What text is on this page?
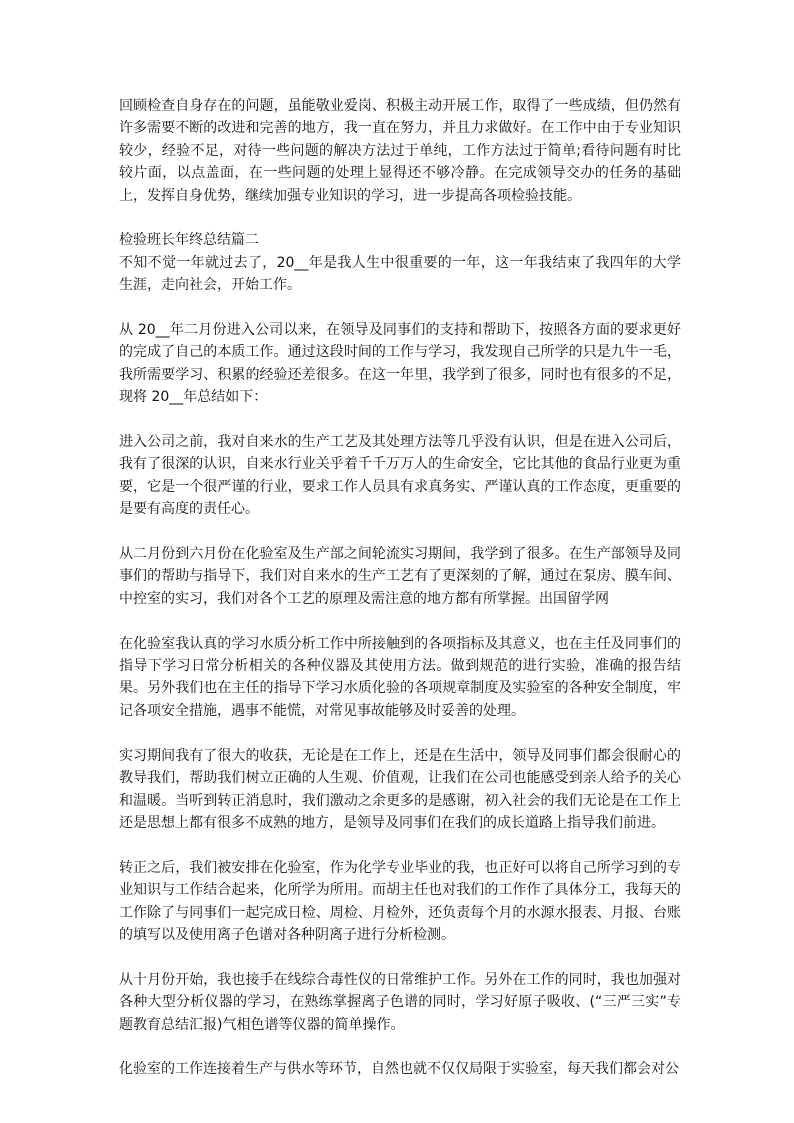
回顾检查自身存在的问题，虽能敬业爱岗、积极主动开展工作，取得了一些成绩，但仍然有许多需要不断的改进和完善的地方，我一直在努力，并且力求做好。在工作中由于专业知识较少，经验不足，对待一些问题的解决方法过于单纯，工作方法过于简单;看待问题有时比较片面，以点盖面，在一些问题的处理上显得还不够冷静。在完成领导交办的任务的基础上，发挥自身优势，继续加强专业知识的学习，进一步提高各项检验技能。

检验班长年终总结篇二

不知不觉一年就过去了，20__年是我人生中很重要的一年，这一年我结束了我四年的大学生涯，走向社会，开始工作。

从 20__年二月份进入公司以来，在领导及同事们的支持和帮助下，按照各方面的要求更好的完成了自己的本质工作。通过这段时间的工作与学习，我发现自己所学的只是九牛一毛，我所需要学习、积累的经验还差很多。在这一年里，我学到了很多，同时也有很多的不足，现将 20__年总结如下：

进入公司之前，我对自来水的生产工艺及其处理方法等几乎没有认识，但是在进入公司后，我有了很深的认识，自来水行业关乎着千千万万人的生命安全，它比其他的食品行业更为重要，它是一个很严谨的行业，要求工作人员具有求真务实、严谨认真的工作态度，更重要的是要有高度的责任心。

从二月份到六月份在化验室及生产部之间轮流实习期间，我学到了很多。在生产部领导及同事们的帮助与指导下，我们对自来水的生产工艺有了更深刻的了解，通过在泵房、膜车间、中控室的实习，我们对各个工艺的原理及需注意的地方都有所掌握。出国留学网

在化验室我认真的学习水质分析工作中所接触到的各项指标及其意义，也在主任及同事们的指导下学习日常分析相关的各种仪器及其使用方法。做到规范的进行实验，准确的报告结果。另外我们也在主任的指导下学习水质化验的各项规章制度及实验室的各种安全制度，牢记各项安全措施，遇事不能慌，对常见事故能够及时妥善的处理。

实习期间我有了很大的收获，无论是在工作上，还是在生活中，领导及同事们都会很耐心的教导我们，帮助我们树立正确的人生观、价值观，让我们在公司也能感受到亲人给予的关心和温暖。当听到转正消息时，我们激动之余更多的是感谢，初入社会的我们无论是在工作上还是思想上都有很多不成熟的地方，是领导及同事们在我们的成长道路上指导我们前进。

转正之后，我们被安排在化验室，作为化学专业毕业的我，也正好可以将自己所学习到的专业知识与工作结合起来，化所学为所用。而胡主任也对我们的工作作了具体分工，我每天的工作除了与同事们一起完成日检、周检、月检外，还负责每个月的水源水报表、月报、台账的填写以及使用离子色谱对各种阴离子进行分析检测。

从十月份开始，我也接手在线综合毒性仪的日常维护工作。另外在工作的同时，我也加强对各种大型分析仪器的学习，在熟练掌握离子色谱的同时，学习好原子吸收、(“三严三实”专题教育总结汇报)气相色谱等仪器的简单操作。

化验室的工作连接着生产与供水等环节，自然也就不仅仅局限于实验室，每天我们都会对公
